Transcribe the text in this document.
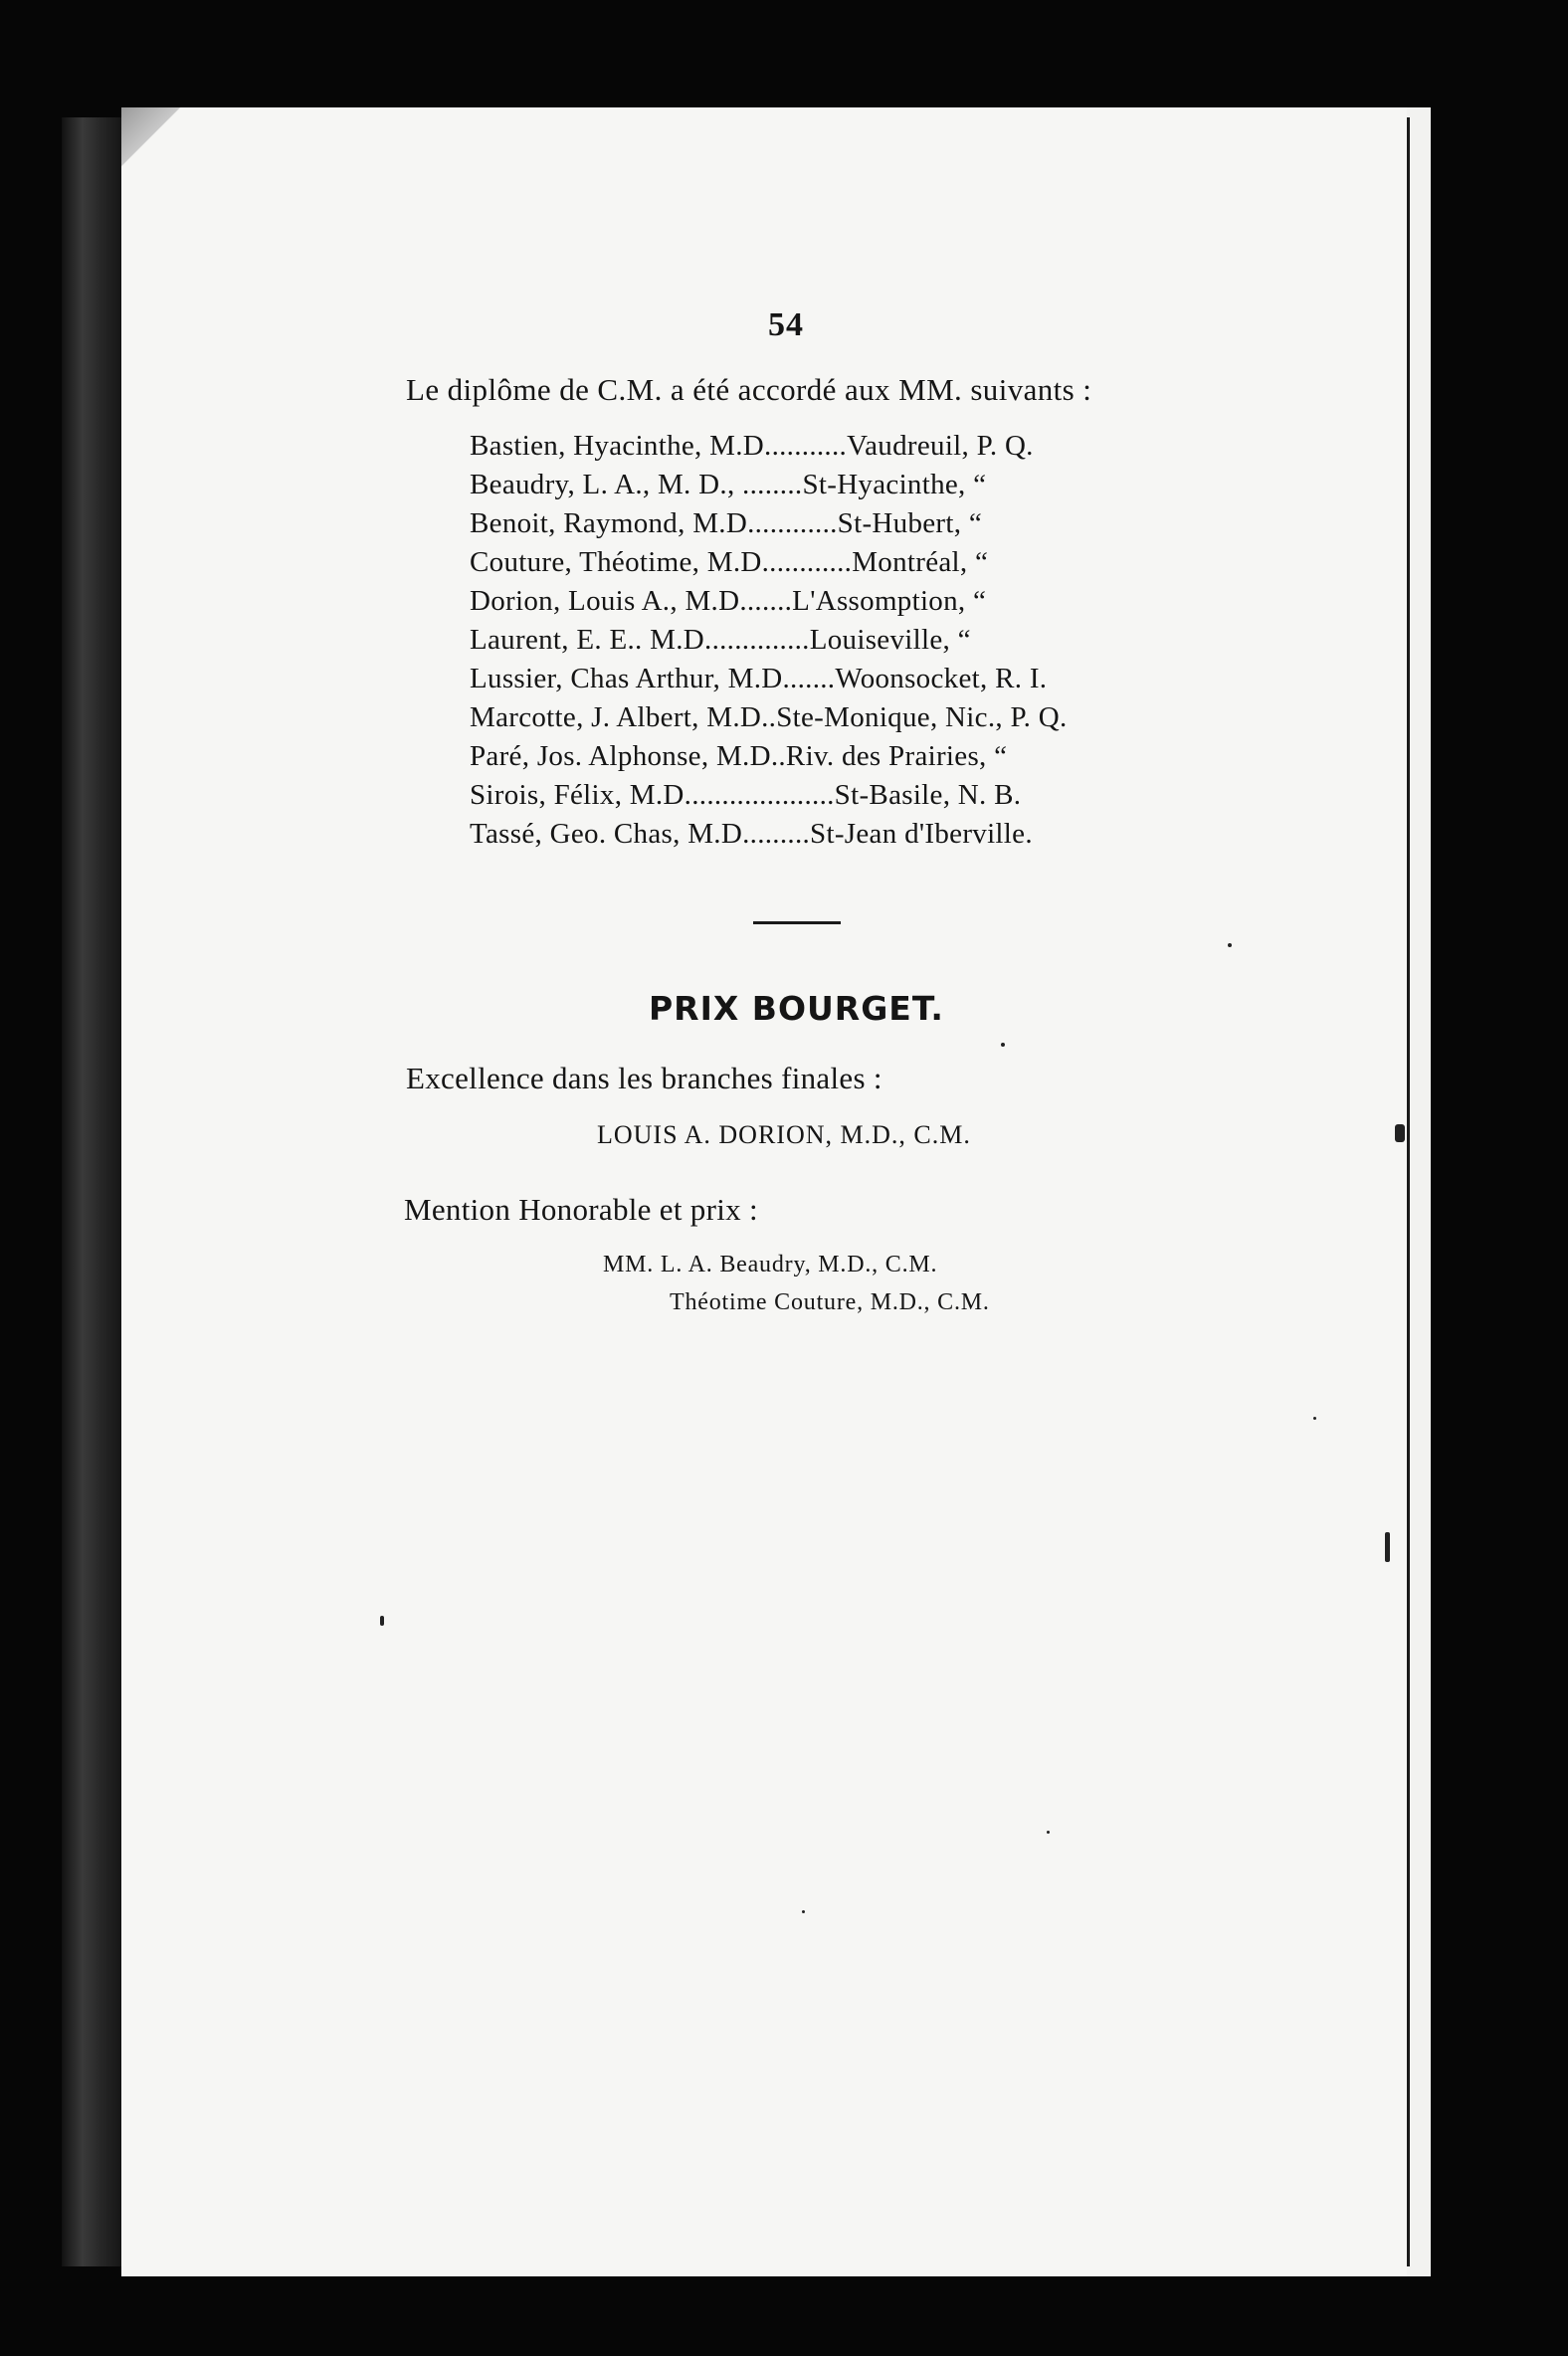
54
Le diplôme de C.M. a été accordé aux MM. suivants :
Bastien, Hyacinthe, M.D...........Vaudreuil, P. Q.
Beaudry, L. A., M. D., ........St-Hyacinthe, “
Benoit, Raymond, M.D............St-Hubert, “
Couture, Théotime, M.D............Montréal, “
Dorion, Louis A., M.D.......L'Assomption, “
Laurent, E. E.. M.D..............Louiseville, “
Lussier, Chas Arthur, M.D.......Woonsocket, R. I.
Marcotte, J. Albert, M.D..Ste-Monique, Nic., P. Q.
Paré, Jos. Alphonse, M.D..Riv. des Prairies, “
Sirois, Félix, M.D....................St-Basile, N. B.
Tassé, Geo. Chas, M.D.........St-Jean d'Iberville.
PRIX BOURGET.
Excellence dans les branches finales :
LOUIS A. DORION, M.D., C.M.
Mention Honorable et prix :
MM. L. A. Beaudry, M.D., C.M.
Théotime Couture, M.D., C.M.
